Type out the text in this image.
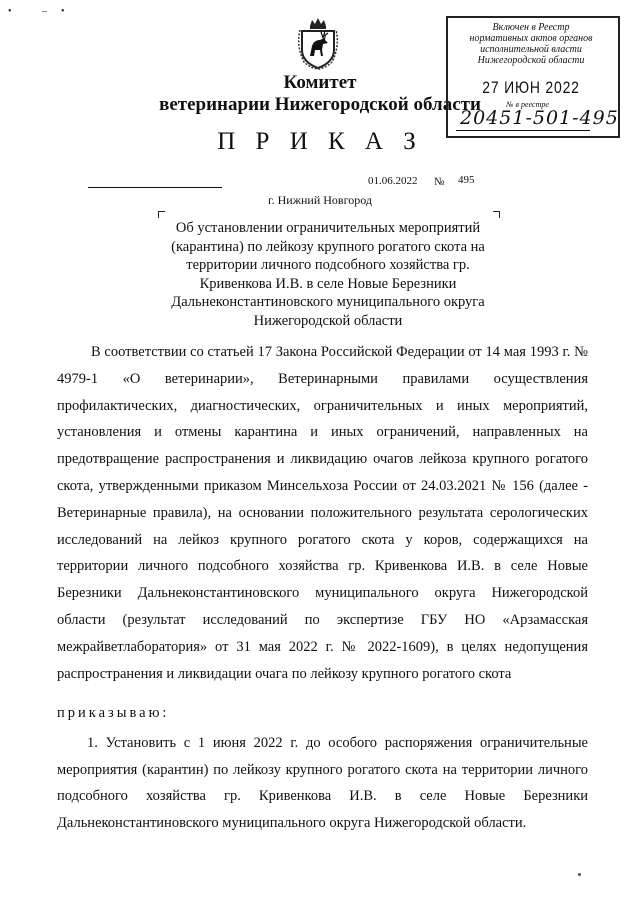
• –•
Комитет
ветеринарии Нижегородской области
П Р И К А З
Включен в Реестр
нормативных актов органов
исполнительной власти
Нижегородской области
27 ИЮН 2022
№ в реестре
20451-501-495
01.06.2022 № 495
г. Нижний Новгород
Об установлении ограничительных мероприятий (карантина) по лейкозу крупного рогатого скота на территории личного подсобного хозяйства гр. Кривенкова И.В. в селе Новые Березники Дальнеконстантиновского муниципального округа Нижегородской области
В соответствии со статьей 17 Закона Российской Федерации от 14 мая 1993 г. № 4979-1 «О ветеринарии», Ветеринарными правилами осуществления профилактических, диагностических, ограничительных и иных мероприятий, установления и отмены карантина и иных ограничений, направленных на предотвращение распространения и ликвидацию очагов лейкоза крупного рогатого скота, утвержденными приказом Минсельхоза России от 24.03.2021 № 156 (далее - Ветеринарные правила), на основании положительного результата серологических исследований на лейкоз крупного рогатого скота у коров, содержащихся на территории личного подсобного хозяйства гр. Кривенкова И.В. в селе Новые Березники Дальнеконстантиновского муниципального округа Нижегородской области (результат исследований по экспертизе ГБУ НО «Арзамасская межрайветлаборатория» от 31 мая 2022 г. № 2022-1609), в целях недопущения распространения и ликвидации очага по лейкозу крупного рогатого скота
приказываю:
1. Установить с 1 июня 2022 г. до особого распоряжения ограничительные мероприятия (карантин) по лейкозу крупного рогатого скота на территории личного подсобного хозяйства гр. Кривенкова И.В. в селе Новые Березники Дальнеконстантиновского муниципального округа Нижегородской области.
